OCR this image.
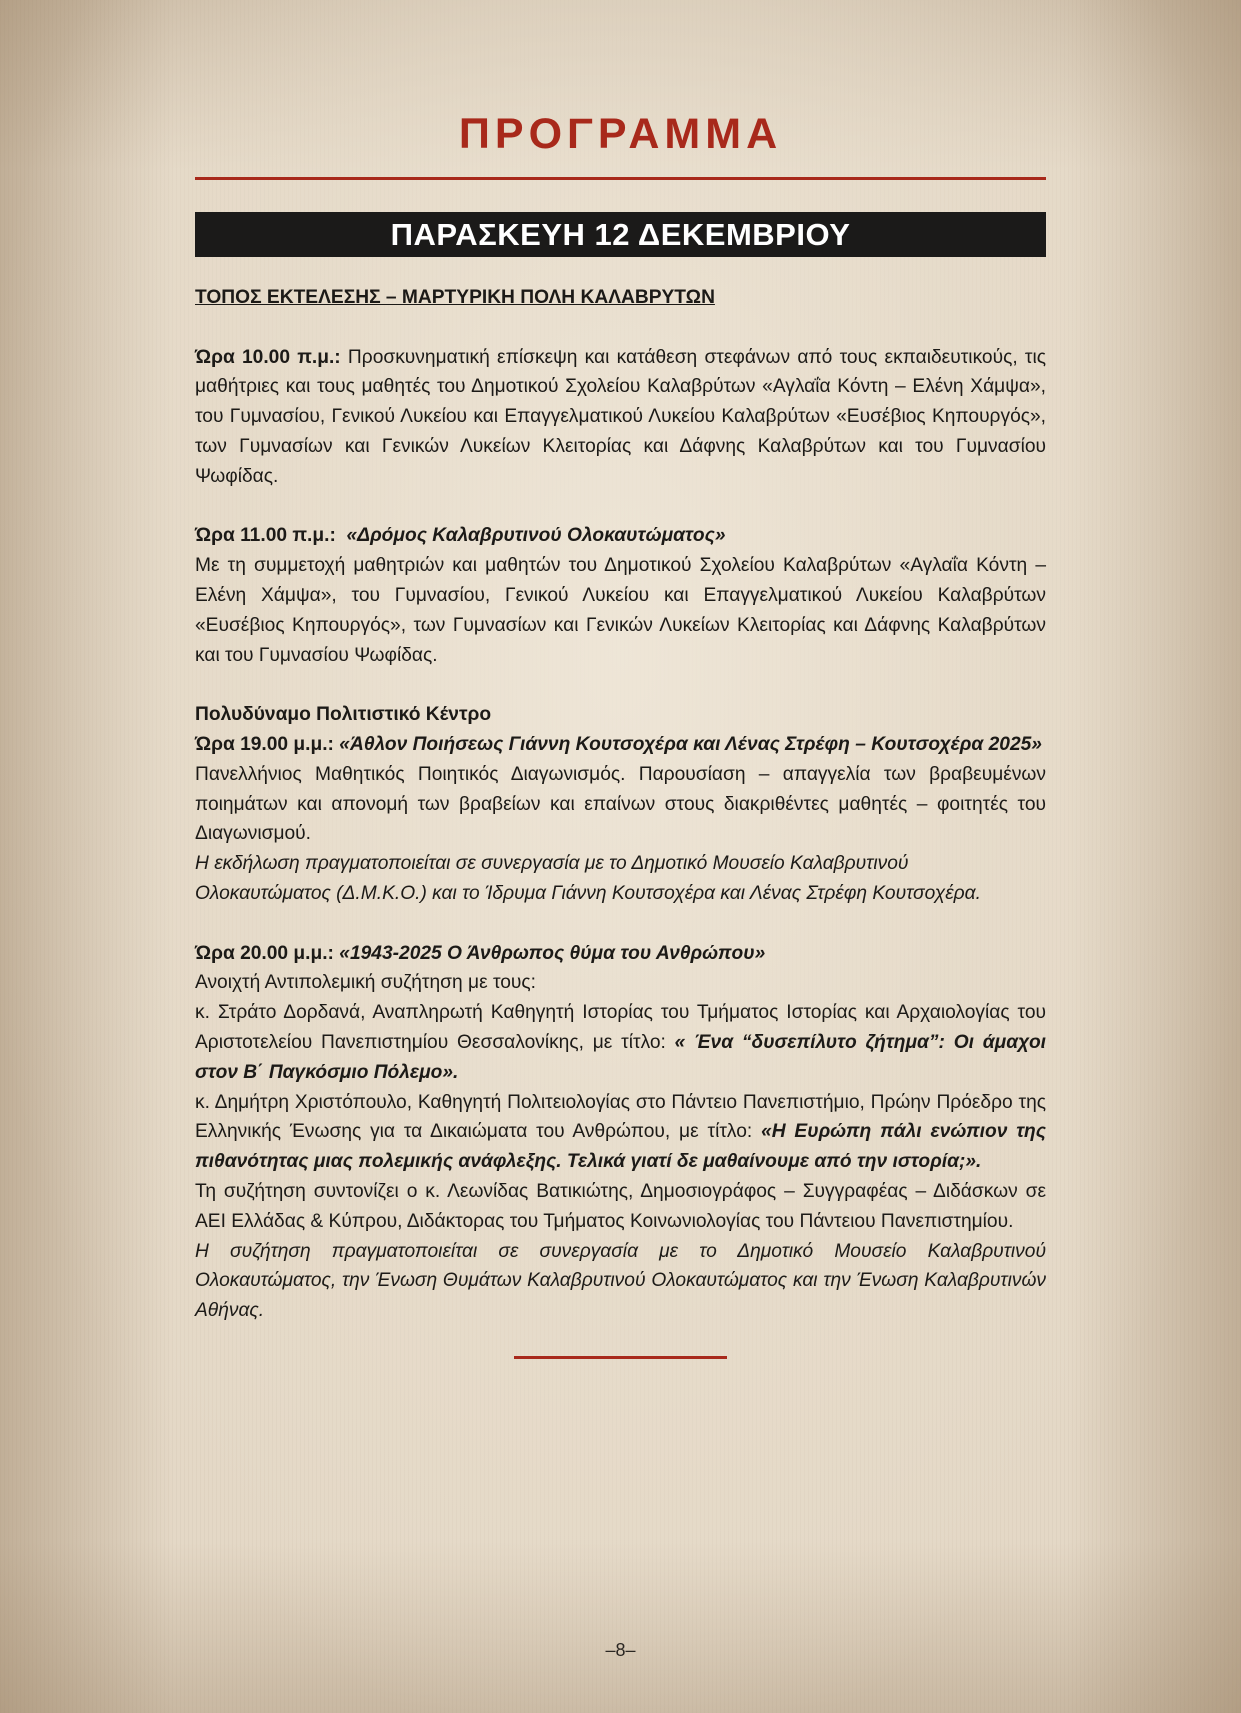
ΠΡΟΓΡΑΜΜΑ
ΠΑΡΑΣΚΕΥΗ 12 ΔΕΚΕΜΒΡΙΟΥ

ΤΟΠΟΣ ΕΚΤΕΛΕΣΗΣ – ΜΑΡΤΥΡΙΚΗ ΠΟΛΗ ΚΑΛΑΒΡΥΤΩΝ

Ώρα 10.00 π.μ.: Προσκυνηματική επίσκεψη και κατάθεση στεφάνων από τους εκπαιδευτικούς, τις μαθήτριες και τους μαθητές του Δημοτικού Σχολείου Καλαβρύτων «Αγλαΐα Κόντη – Ελένη Χάμψα», του Γυμνασίου, Γενικού Λυκείου και Επαγγελματικού Λυκείου Καλαβρύτων «Ευσέβιος Κηπουργός», των Γυμνασίων και Γενικών Λυκείων Κλειτορίας και Δάφνης Καλαβρύτων και του Γυμνασίου Ψωφίδας.

Ώρα 11.00 π.μ.: «Δρόμος Καλαβρυτινού Ολοκαυτώματος»

Με τη συμμετοχή μαθητριών και μαθητών του Δημοτικού Σχολείου Καλαβρύτων «Αγλαΐα Κόντη – Ελένη Χάμψα», του Γυμνασίου, Γενικού Λυκείου και Επαγγελματικού Λυκείου Καλαβρύτων «Ευσέβιος Κηπουργός», των Γυμνασίων και Γενικών Λυκείων Κλειτορίας και Δάφνης Καλαβρύτων και του Γυμνασίου Ψωφίδας.

Πολυδύναμο Πολιτιστικό Κέντρο

Ώρα 19.00 μ.μ.: «Άθλον Ποιήσεως Γιάννη Κουτσοχέρα και Λένας Στρέφη – Κουτσοχέρα 2025»

Πανελλήνιος Μαθητικός Ποιητικός Διαγωνισμός. Παρουσίαση – απαγγελία των βραβευμένων ποιημάτων και απονομή των βραβείων και επαίνων στους διακριθέντες μαθητές – φοιτητές του Διαγωνισμού.

Η εκδήλωση πραγματοποιείται σε συνεργασία με το Δημοτικό Μουσείο Καλαβρυτινού Ολοκαυτώματος (Δ.Μ.Κ.Ο.) και το Ίδρυμα Γιάννη Κουτσοχέρα και Λένας Στρέφη Κουτσοχέρα.

Ώρα 20.00 μ.μ.: «1943-2025 Ο Άνθρωπος θύμα του Ανθρώπου»

Ανοιχτή Αντιπολεμική συζήτηση με τους:

κ. Στράτο Δορδανά, Αναπληρωτή Καθηγητή Ιστορίας του Τμήματος Ιστορίας και Αρχαιολογίας του Αριστοτελείου Πανεπιστημίου Θεσσαλονίκης, με τίτλο: « Ένα “δυσεπίλυτο ζήτημα”: Οι άμαχοι στον Β΄ Παγκόσμιο Πόλεμο».

κ. Δημήτρη Χριστόπουλο, Καθηγητή Πολιτειολογίας στο Πάντειο Πανεπιστήμιο, Πρώην Πρόεδρο της Ελληνικής Ένωσης για τα Δικαιώματα του Ανθρώπου, με τίτλο: «Η Ευρώπη πάλι ενώπιον της πιθανότητας μιας πολεμικής ανάφλεξης. Τελικά γιατί δε μαθαίνουμε από την ιστορία;».

Τη συζήτηση συντονίζει ο κ. Λεωνίδας Βατικιώτης, Δημοσιογράφος – Συγγραφέας – Διδάσκων σε ΑΕΙ Ελλάδας & Κύπρου, Διδάκτορας του Τμήματος Κοινωνιολογίας του Πάντειου Πανεπιστημίου.

Η συζήτηση πραγματοποιείται σε συνεργασία με το Δημοτικό Μουσείο Καλαβρυτινού Ολοκαυτώματος, την Ένωση Θυμάτων Καλαβρυτινού Ολοκαυτώματος και την Ένωση Καλαβρυτινών Αθήνας.

–8–
